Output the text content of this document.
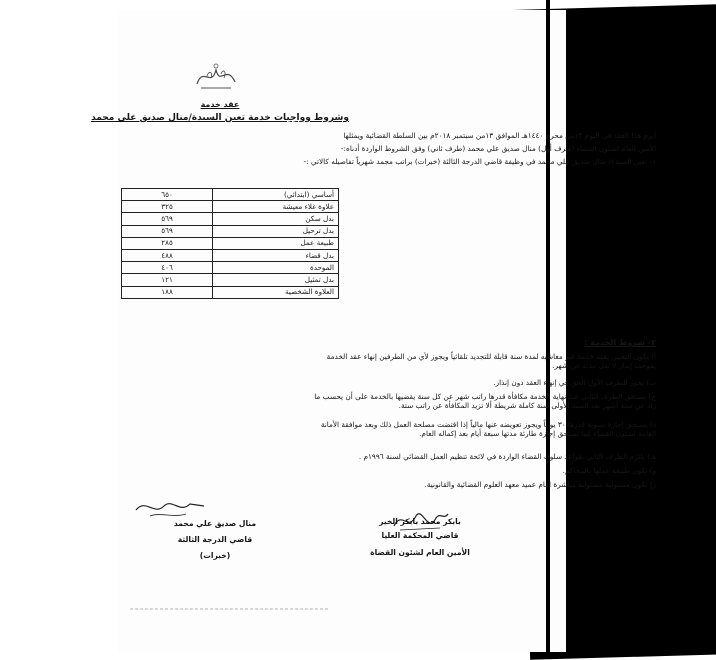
عقد خدمة
وشروط وواجبات خدمة تعين السيدة/منال صديق علي محمد
أبرم هذا العقد في اليوم ١٣من محرم ١٤٤٠هـ الموافق ١٣من سبتمبر ٢٠١٨م بين السلطة القضائية ويمثلها
الأمين العام لشئون القضاء (طرف أول) منال صديق علي محمد (طرف ثاني) وفق الشروط الواردة أدناه:-
١- تعين السيدة/ منال صديق علي محمد في وظيفة قاضي الدرجة الثالثة (خبرات) براتب مجمد شهرياً تفاصيله كالاتي :-
أساسي (ابتدائي)	٦٥٠
علاوة غلاء معيشة	٣٢٥
بدل سكن	٥٦٩
بدل ترحيل	٥٦٩
طبيعة عمل	٢٨٥
بدل قضاء	٤٨٨
الموحدة	٤٠٦
بدل تمثيل	١٢١
العلاوة الشخصية	١٨٨
٢- شروط الخدمة :
أ) يكون التعيين بعقد خدمة غير معاشيه لمدة سنة قابلة للتجديد تلقائياً ويجوز لأي من الطرفين إنهاء عقد الخدمة بموجب إنذار لا تقل مدته عن شهر.
ب) يجوز للطرف الأول الحق في إنهاء العقد دون إنذار.
ج) يستحق الطرف الثاني عند نهاية الخدمة مكافأة قدرها راتب شهر عن كل سنة يقضيها بالخدمة على أن يحسب ما زاد عن ستة أشهر بعد السنة الأولى سنة كاملة شريطة ألا تزيد المكافأة عن راتب ستة.
د) يستحق إجازة سنوية قدرها ٣٠ يوماً ويجوز تعويضه عنها مالياً إذا اقتضت مصلحة العمل ذلك وبعد موافقة الأمانة العامة لشئون القضاء كما يستحق إجازة طارئة مدتها سبعة أيام بعد إكماله العام.
هـ) يلتزم الطرف الثاني بقواعد سلوك القضاء الواردة في لائحة تنظيم العمل القضائي لسنة ١٩٩٦م .
و) تكون طبيعة عملها بالمحاكم.
ز) تكون مسئولية مسئولية مباشرة امام عميد معهد العلوم القضائية والقانونية.
بابكر محمد بابكر الخير
قاضي المحكمة العليا
الأمين العام لشئون القضاة
منال صديق علي محمد
قاضي الدرجة الثالثة
(خبرات)
